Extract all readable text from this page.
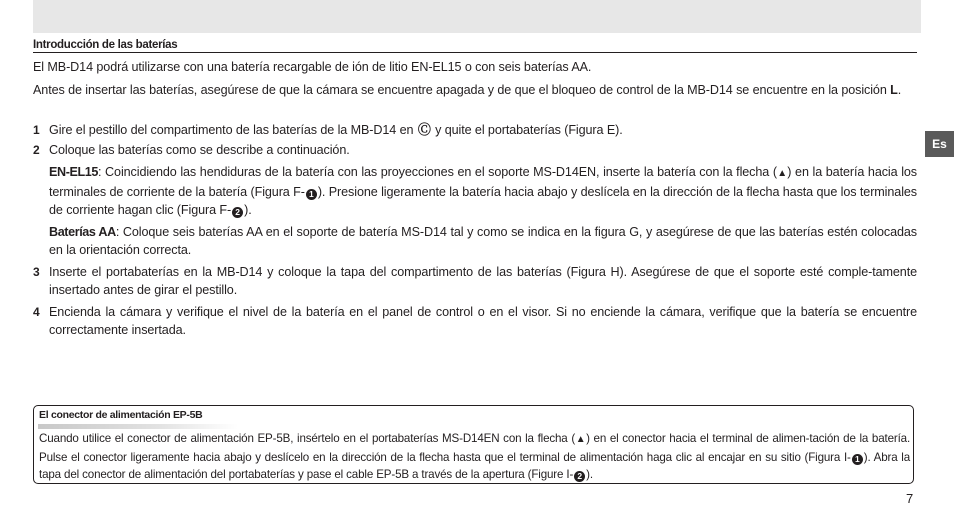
Introducción de las baterías
El MB-D14 podrá utilizarse con una batería recargable de ión de litio EN-EL15 o con seis baterías AA.
Antes de insertar las baterías, asegúrese de que la cámara se encuentre apagada y de que el bloqueo de control de la MB-D14 se encuentre en la posición L.
1 Gire el pestillo del compartimento de las baterías de la MB-D14 en Ⓒ y quite el portabaterías (Figura E).
2 Coloque las baterías como se describe a continuación.
EN-EL15: Coincidiendo las hendiduras de la batería con las proyecciones en el soporte MS-D14EN, inserte la batería con la flecha (▲) en la batería hacia los terminales de corriente de la batería (Figura F- 1 ). Presione ligeramente la batería hacia abajo y deslícela en la dirección de la flecha hasta que los terminales de corriente hagan clic (Figura F- 2 ).
Baterías AA: Coloque seis baterías AA en el soporte de batería MS-D14 tal y como se indica en la figura G, y asegúrese de que las baterías estén colocadas en la orientación correcta.
3 Inserte el portabaterías en la MB-D14 y coloque la tapa del compartimento de las baterías (Figura H). Asegúrese de que el soporte esté comple-tamente insertado antes de girar el pestillo.
4 Encienda la cámara y verifique el nivel de la batería en el panel de control o en el visor. Si no enciende la cámara, verifique que la batería se encuentre correctamente insertada.
Es
El conector de alimentación EP-5B
Cuando utilice el conector de alimentación EP-5B, insértelo en el portabaterías MS-D14EN con la flecha (▲) en el conector hacia el terminal de alimen-tación de la batería. Pulse el conector ligeramente hacia abajo y deslícelo en la dirección de la flecha hasta que el terminal de alimentación haga clic al encajar en su sitio (Figura I- 1 ). Abra la tapa del conector de alimentación del portabaterías y pase el cable EP-5B a través de la apertura (Figure I- 2 ).
7
